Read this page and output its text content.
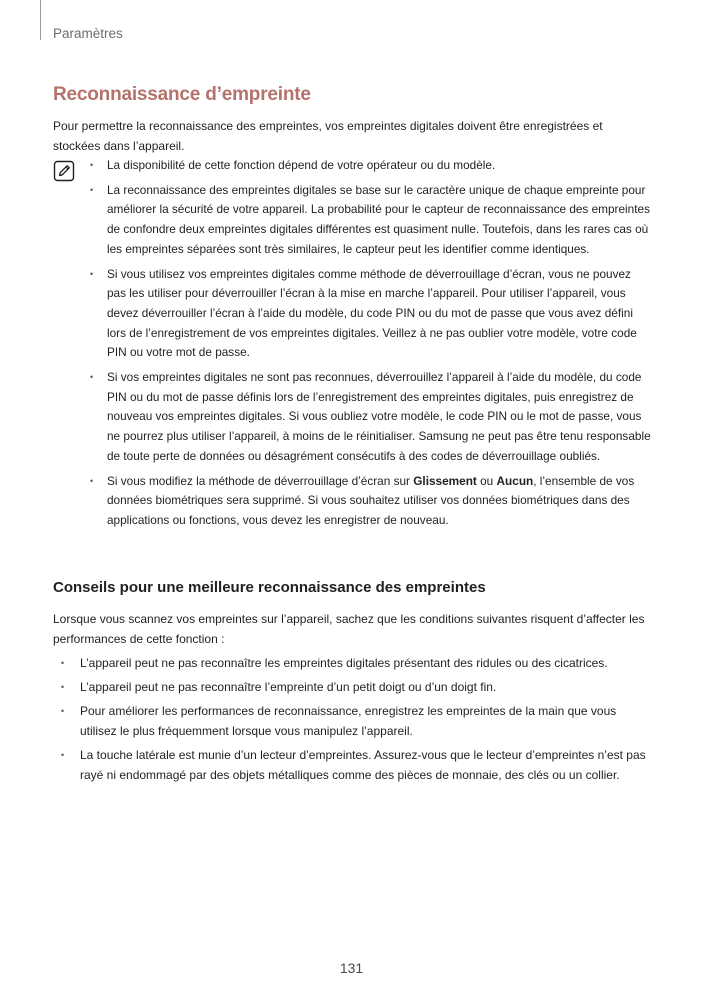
Paramètres
Reconnaissance d’empreinte

Pour permettre la reconnaissance des empreintes, vos empreintes digitales doivent être enregistrées et stockées dans l’appareil.

• La disponibilité de cette fonction dépend de votre opérateur ou du modèle.
• La reconnaissance des empreintes digitales se base sur le caractère unique de chaque empreinte pour améliorer la sécurité de votre appareil. La probabilité pour le capteur de reconnaissance des empreintes de confondre deux empreintes digitales différentes est quasiment nulle. Toutefois, dans les rares cas où les empreintes séparées sont très similaires, le capteur peut les identifier comme identiques.
• Si vous utilisez vos empreintes digitales comme méthode de déverrouillage d’écran, vous ne pouvez pas les utiliser pour déverrouiller l’écran à la mise en marche l’appareil. Pour utiliser l’appareil, vous devez déverrouiller l’écran à l’aide du modèle, du code PIN ou du mot de passe que vous avez défini lors de l’enregistrement de vos empreintes digitales. Veillez à ne pas oublier votre modèle, votre code PIN ou votre mot de passe.
• Si vos empreintes digitales ne sont pas reconnues, déverrouillez l’appareil à l’aide du modèle, du code PIN ou du mot de passe définis lors de l’enregistrement des empreintes digitales, puis enregistrez de nouveau vos empreintes digitales. Si vous oubliez votre modèle, le code PIN ou le mot de passe, vous ne pourrez plus utiliser l’appareil, à moins de le réinitialiser. Samsung ne peut pas être tenu responsable de toute perte de données ou désagrément consécutifs à des codes de déverrouillage oubliés.
• Si vous modifiez la méthode de déverrouillage d’écran sur Glissement ou Aucun, l’ensemble de vos données biométriques sera supprimé. Si vous souhaitez utiliser vos données biométriques dans des applications ou fonctions, vous devez les enregistrer de nouveau.
Conseils pour une meilleure reconnaissance des empreintes

Lorsque vous scannez vos empreintes sur l’appareil, sachez que les conditions suivantes risquent d’affecter les performances de cette fonction :

• L’appareil peut ne pas reconnaître les empreintes digitales présentant des ridules ou des cicatrices.
• L’appareil peut ne pas reconnaître l’empreinte d’un petit doigt ou d’un doigt fin.
• Pour améliorer les performances de reconnaissance, enregistrez les empreintes de la main que vous utilisez le plus fréquemment lorsque vous manipulez l’appareil.
• La touche latérale est munie d’un lecteur d’empreintes. Assurez-vous que le lecteur d’empreintes n’est pas rayé ni endommagé par des objets métalliques comme des pièces de monnaie, des clés ou un collier.
131
